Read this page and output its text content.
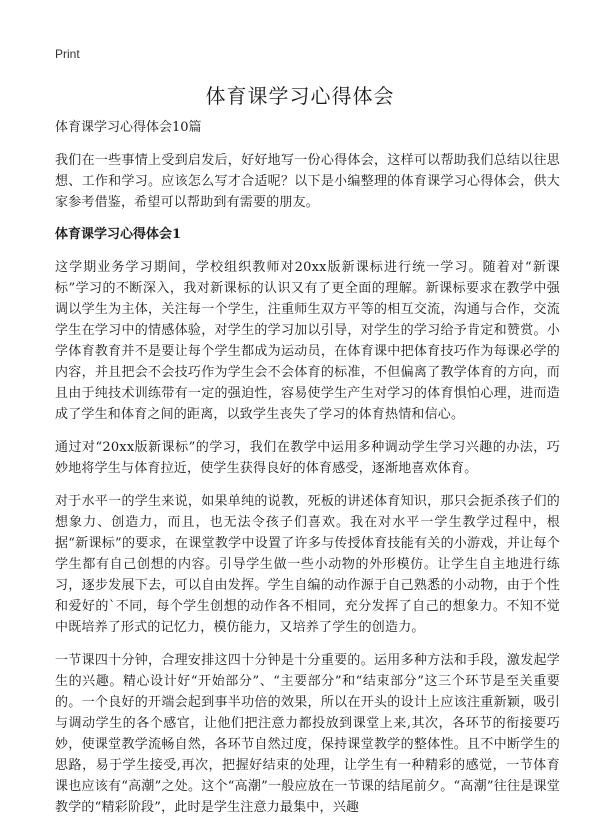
Print
体育课学习心得体会

体育课学习心得体会10篇

我们在一些事情上受到启发后，好好地写一份心得体会，这样可以帮助我们总结以往思想、工作和学习。应该怎么写才合适呢？以下是小编整理的体育课学习心得体会，供大家参考借鉴，希望可以帮助到有需要的朋友。

体育课学习心得体会1

这学期业务学习期间，学校组织教师对20xx版新课标进行统一学习。随着对“新课标”学习的不断深入，我对新课标的认识又有了更全面的理解。新课标要求在教学中强调以学生为主体，关注每一个学生，注重师生双方平等的相互交流，沟通与合作，交流学生在学习中的情感体验，对学生的学习加以引导，对学生的学习给予肯定和赞赏。小学体育教育并不是要让每个学生都成为运动员，在体育课中把体育技巧作为每课必学的内容，并且把会不会技巧作为学生会不会体育的标准，不但偏离了教学体育的方向，而且由于纯技术训练带有一定的强迫性，容易使学生产生对学习的体育惧怕心理，进而造成了学生和体育之间的距离，以致学生丧失了学习的体育热情和信心。

通过对“20xx版新课标”的学习，我们在教学中运用多种调动学生学习兴趣的办法，巧妙地将学生与体育拉近，使学生获得良好的体育感受，逐渐地喜欢体育。

对于水平一的学生来说，如果单纯的说教，死板的讲述体育知识，那只会扼杀孩子们的想象力、创造力，而且，也无法令孩子们喜欢。我在对水平一学生教学过程中，根据“新课标”的要求，在课堂教学中设置了许多与传授体育技能有关的小游戏，并让每个学生都有自己创想的内容。引导学生做一些小动物的外形模仿。让学生自主地进行练习，逐步发展下去，可以自由发挥。学生自编的动作源于自己熟悉的小动物，由于个性和爱好的`不同，每个学生创想的动作各不相同，充分发挥了自己的想象力。不知不觉中既培养了形式的记忆力，模仿能力，又培养了学生的创造力。

一节课四十分钟，合理安排这四十分钟是十分重要的。运用多种方法和手段，激发起学生的兴趣。精心设计好“开始部分”、“主要部分”和“结束部分”这三个环节是至关重要的。一个良好的开端会起到事半功倍的效果，所以在开头的设计上应该注重新颖，吸引与调动学生的各个感官，让他们把注意力都投放到课堂上来,其次，各环节的衔接要巧妙，使课堂教学流畅自然，各环节自然过度，保持课堂教学的整体性。且不中断学生的思路，易于学生接受,再次，把握好结束的处理，让学生有一种精彩的感觉，一节体育课也应该有“高潮”之处。这个“高潮”一般应放在一节课的结尾前夕。“高潮”往往是课堂教学的“精彩阶段”，此时是学生注意力最集中，兴趣
